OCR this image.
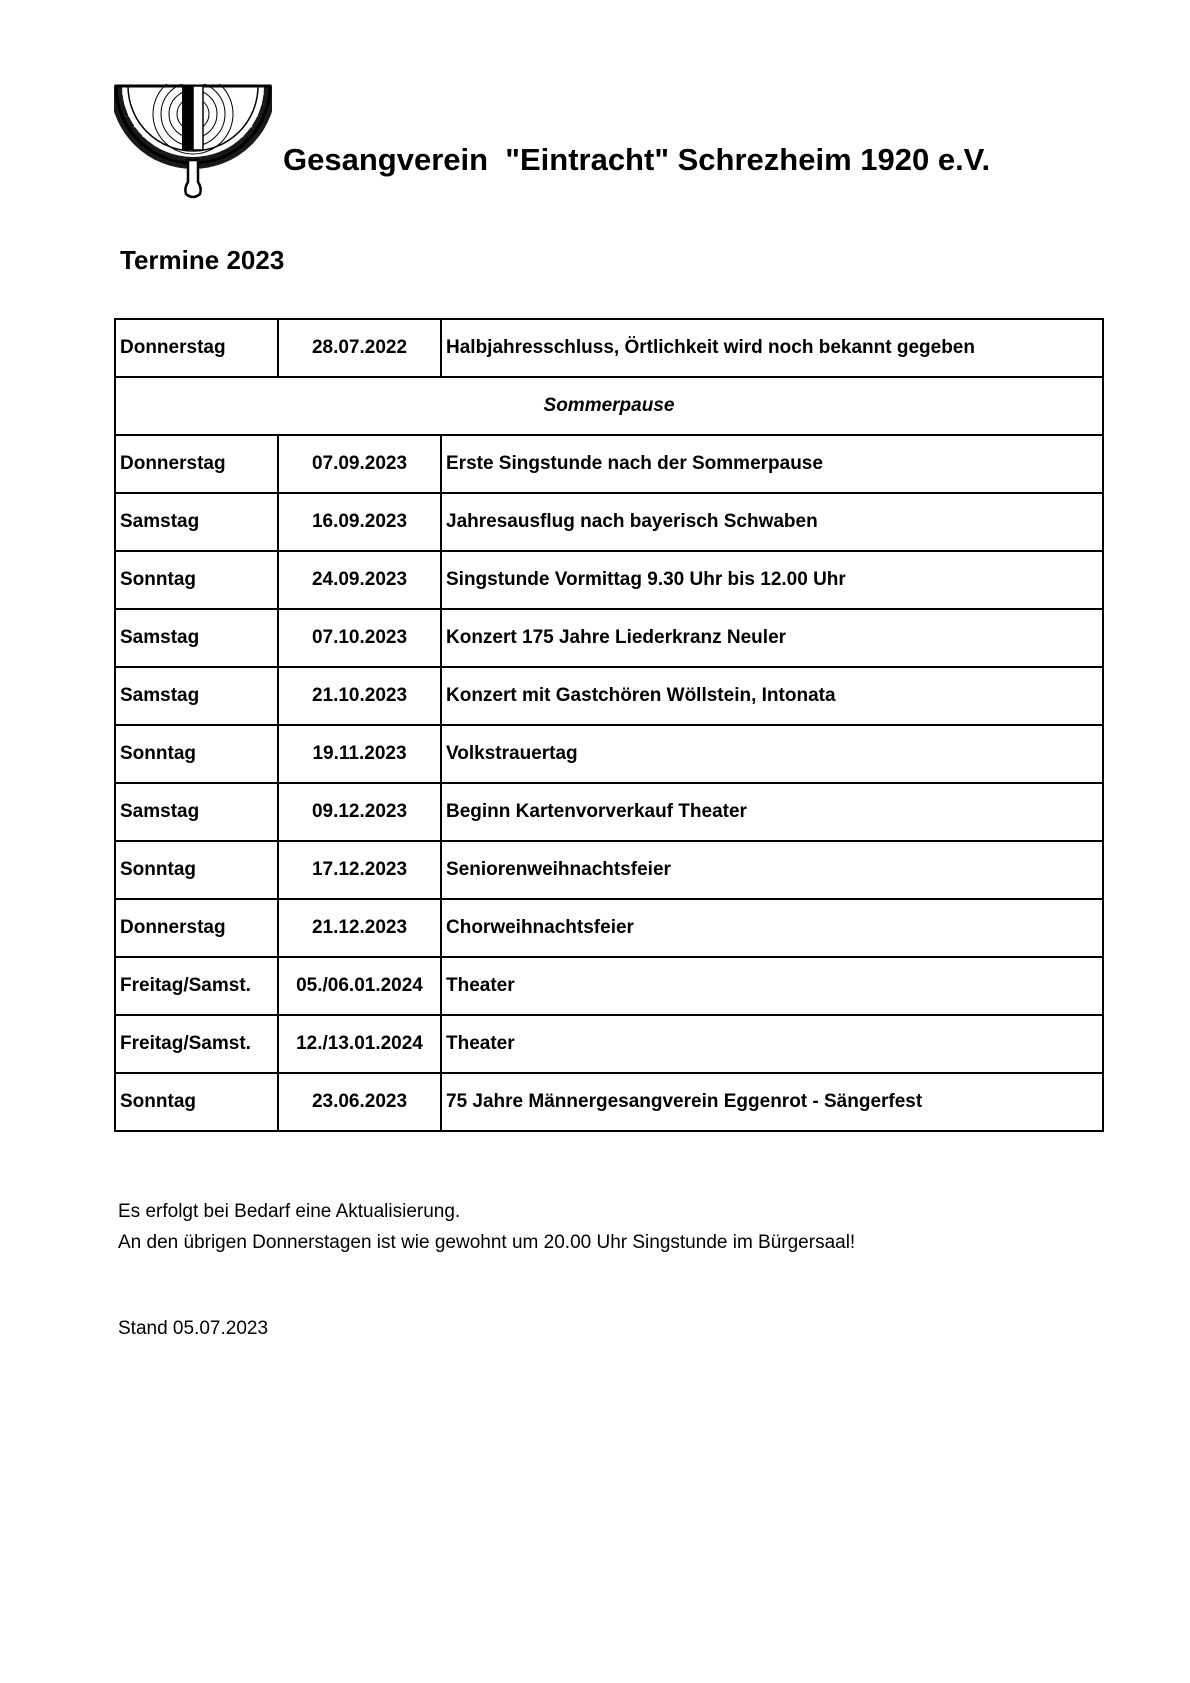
Gesangverein  "Eintracht" Schrezheim 1920 e.V.
Termine 2023
Donnerstag	28.07.2022	Halbjahresschluss, Örtlichkeit wird noch bekannt gegeben
Sommerpause		
Donnerstag	07.09.2023	Erste Singstunde nach der Sommerpause
Samstag	16.09.2023	Jahresausflug nach bayerisch Schwaben
Sonntag	24.09.2023	Singstunde Vormittag 9.30 Uhr bis 12.00 Uhr
Samstag	07.10.2023	Konzert 175 Jahre Liederkranz Neuler
Samstag	21.10.2023	Konzert mit Gastchören Wöllstein, Intonata
Sonntag	19.11.2023	Volkstrauertag
Samstag	09.12.2023	Beginn Kartenvorverkauf Theater
Sonntag	17.12.2023	Seniorenweihnachtsfeier
Donnerstag	21.12.2023	Chorweihnachtsfeier
Freitag/Samst.	05./06.01.2024	Theater
Freitag/Samst.	12./13.01.2024	Theater
Sonntag	23.06.2023	75 Jahre Männergesangverein Eggenrot - Sängerfest
Es erfolgt bei Bedarf eine Aktualisierung.
An den übrigen Donnerstagen ist wie gewohnt um 20.00 Uhr Singstunde im Bürgersaal!
Stand 05.07.2023
